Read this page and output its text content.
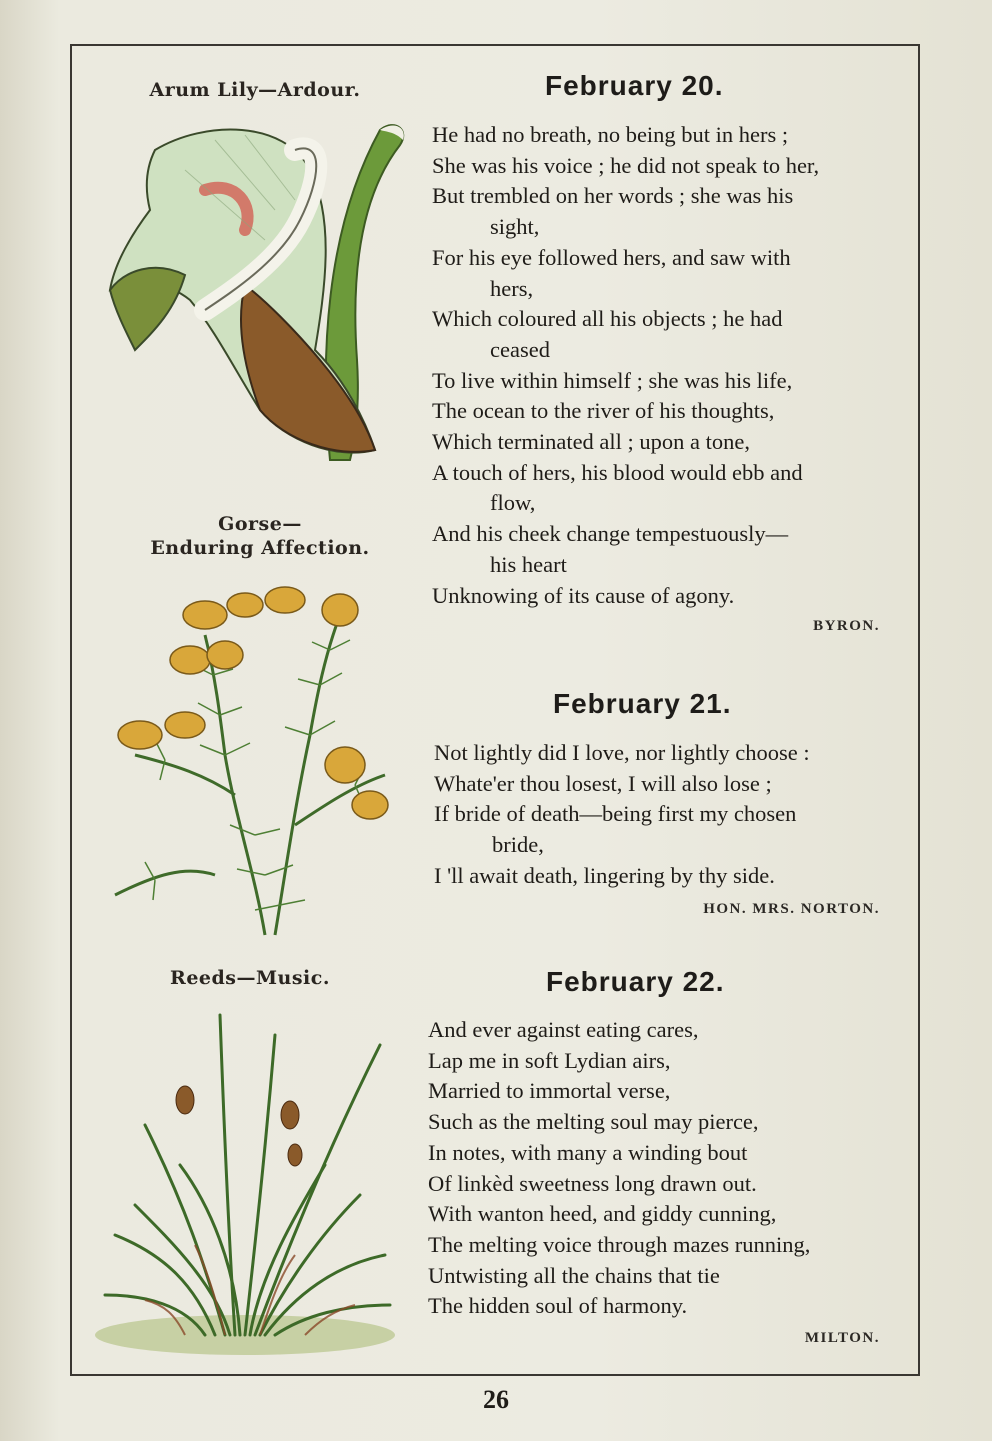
Arum Lily—Ardour.
Gorse—
Enduring Affection.
Reeds—Music.
February 20.
He had no breath, no being but in hers ;
She was his voice ; he did not speak to her,
But trembled on her words ; she was his
sight,
For his eye followed hers, and saw with
hers,
Which coloured all his objects ; he had
ceased
To live within himself ; she was his life,
The ocean to the river of his thoughts,
Which terminated all ; upon a tone,
A touch of hers, his blood would ebb and
flow,
And his cheek change tempestuously—
his heart
Unknowing of its cause of agony.
BYRON.
February 21.
Not lightly did I love, nor lightly choose :
Whate'er thou losest, I will also lose ;
If bride of death—being first my chosen
bride,
I 'll await death, lingering by thy side.
HON. MRS. NORTON.
February 22.
And ever against eating cares,
Lap me in soft Lydian airs,
Married to immortal verse,
Such as the melting soul may pierce,
In notes, with many a winding bout
Of linkèd sweetness long drawn out.
With wanton heed, and giddy cunning,
The melting voice through mazes running,
Untwisting all the chains that tie
The hidden soul of harmony.
MILTON.
26
